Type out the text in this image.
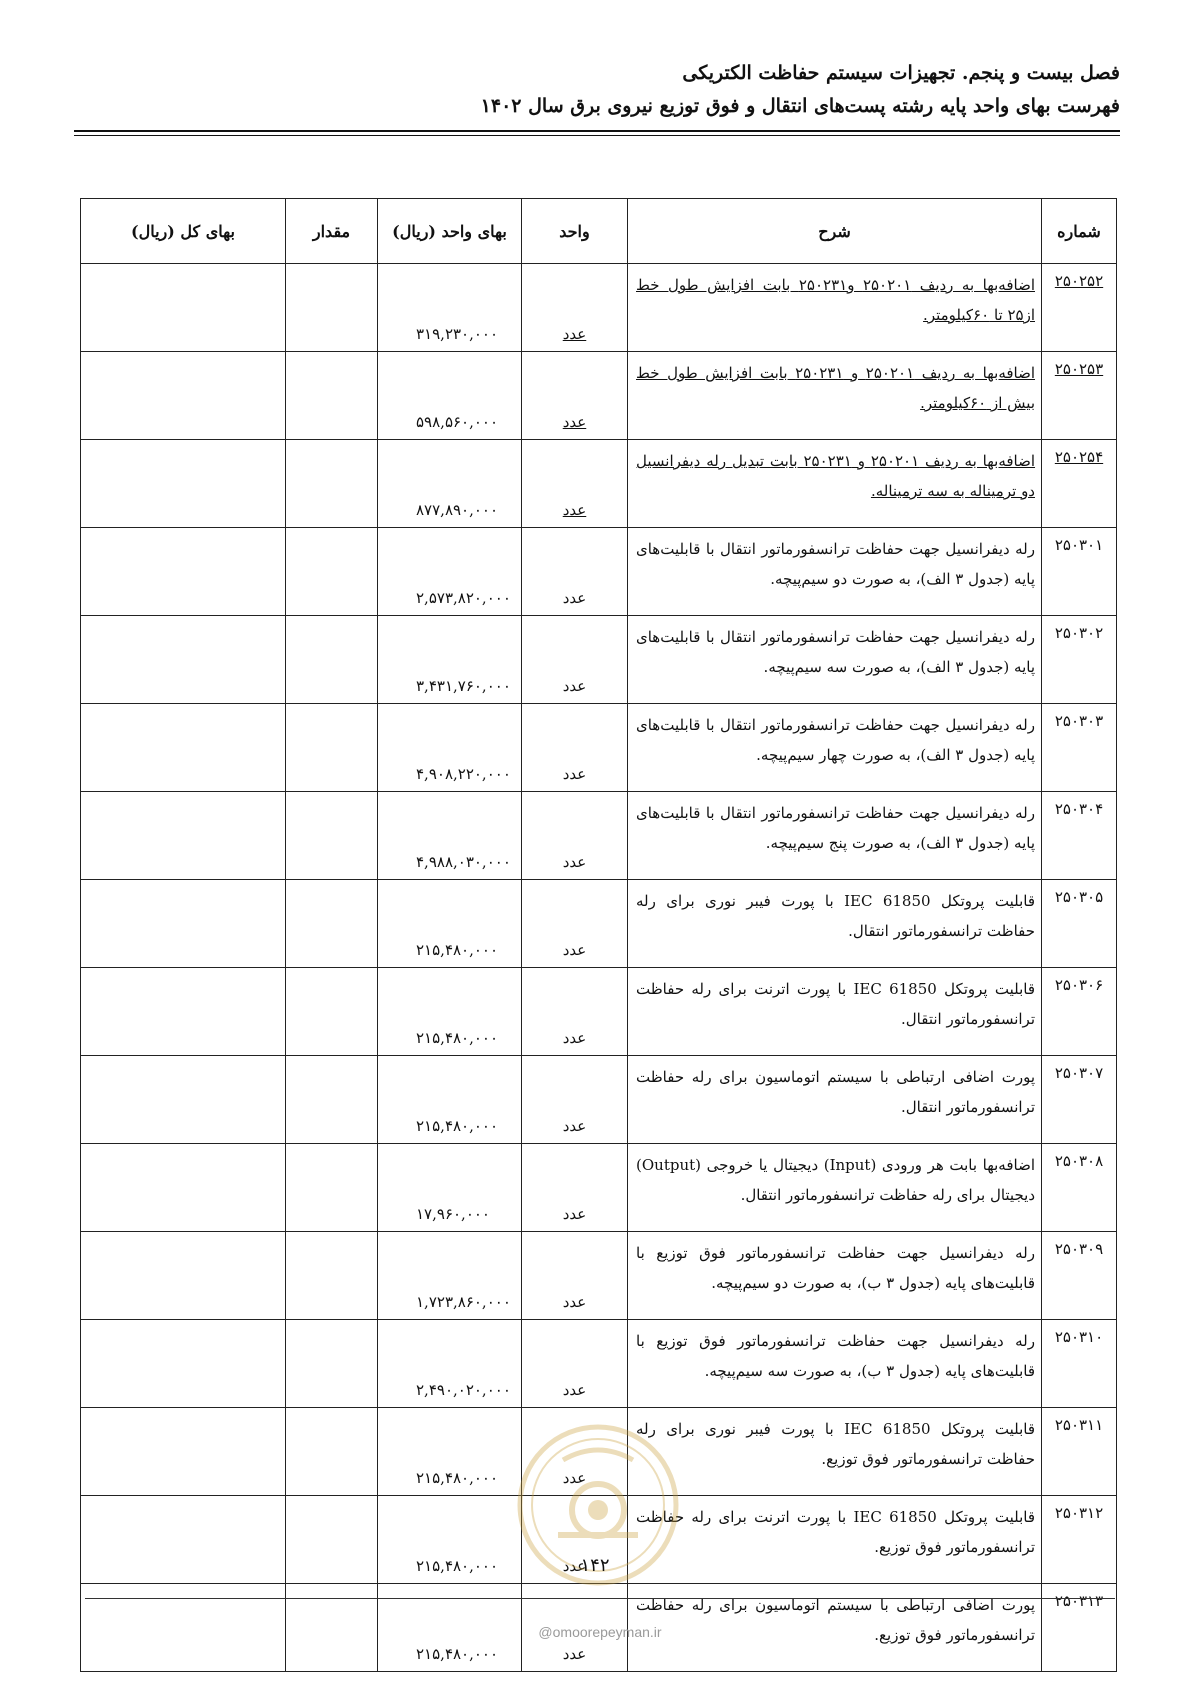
فصل بیست و پنجم. تجهیزات سیستم حفاظت الکتریکی
فهرست بهای واحد پایه رشته پست‌های انتقال و فوق توزیع نیروی برق سال ۱۴۰۲
شماره	شرح	واحد	بهای واحد (ریال)	مقدار	بهای کل (ریال)
۲۵۰۲۵۲	اضافه‌بها به ردیف ۲۵۰۲۰۱ و۲۵۰۲۳۱ بابت افزایش طول خط از۲۵ تا ۶۰کیلومتر.	عدد	۳۱۹,۲۳۰,۰۰۰		
۲۵۰۲۵۳	اضافه‌بها به ردیف ۲۵۰۲۰۱ و ۲۵۰۲۳۱ بابت افزایش طول خط بیش از ۶۰کیلومتر.	عدد	۵۹۸,۵۶۰,۰۰۰		
۲۵۰۲۵۴	اضافه‌بها به ردیف ۲۵۰۲۰۱ و ۲۵۰۲۳۱ بابت تبدیل رله دیفرانسیل دو ترمیناله به سه ترمیناله.	عدد	۸۷۷,۸۹۰,۰۰۰		
۲۵۰۳۰۱	رله دیفرانسیل جهت حفاظت ترانسفورماتور انتقال با قابلیت‌های پایه (جدول ۳ الف)، به صورت دو سیم‌پیچه.	عدد	۲,۵۷۳,۸۲۰,۰۰۰		
۲۵۰۳۰۲	رله دیفرانسیل جهت حفاظت ترانسفورماتور انتقال با قابلیت‌های پایه (جدول ۳ الف)، به صورت سه سیم‌پیچه.	عدد	۳,۴۳۱,۷۶۰,۰۰۰		
۲۵۰۳۰۳	رله دیفرانسیل جهت حفاظت ترانسفورماتور انتقال با قابلیت‌های پایه (جدول ۳ الف)، به صورت چهار سیم‌پیچه.	عدد	۴,۹۰۸,۲۲۰,۰۰۰		
۲۵۰۳۰۴	رله دیفرانسیل جهت حفاظت ترانسفورماتور انتقال با قابلیت‌های پایه (جدول ۳ الف)، به صورت پنج سیم‌پیچه.	عدد	۴,۹۸۸,۰۳۰,۰۰۰		
۲۵۰۳۰۵	قابلیت پروتکل IEC 61850 با پورت فیبر نوری برای رله حفاظت ترانسفورماتور انتقال.	عدد	۲۱۵,۴۸۰,۰۰۰		
۲۵۰۳۰۶	قابلیت پروتکل IEC 61850 با پورت اترنت برای رله حفاظت ترانسفورماتور انتقال.	عدد	۲۱۵,۴۸۰,۰۰۰		
۲۵۰۳۰۷	پورت اضافی ارتباطی با سیستم اتوماسیون برای رله حفاظت ترانسفورماتور انتقال.	عدد	۲۱۵,۴۸۰,۰۰۰		
۲۵۰۳۰۸	اضافه‌بها بابت هر ورودی (Input) دیجیتال یا خروجی (Output) دیجیتال برای رله حفاظت ترانسفورماتور انتقال.	عدد	۱۷,۹۶۰,۰۰۰		
۲۵۰۳۰۹	رله دیفرانسیل جهت حفاظت ترانسفورماتور فوق توزیع با قابلیت‌های پایه (جدول ۳ ب)، به صورت دو سیم‌پیچه.	عدد	۱,۷۲۳,۸۶۰,۰۰۰		
۲۵۰۳۱۰	رله دیفرانسیل جهت حفاظت ترانسفورماتور فوق توزیع با قابلیت‌های پایه (جدول ۳ ب)، به صورت سه سیم‌پیچه.	عدد	۲,۴۹۰,۰۲۰,۰۰۰		
۲۵۰۳۱۱	قابلیت پروتکل IEC 61850 با پورت فیبر نوری برای رله حفاظت ترانسفورماتور فوق توزیع.	عدد	۲۱۵,۴۸۰,۰۰۰		
۲۵۰۳۱۲	قابلیت پروتکل IEC 61850 با پورت اترنت برای رله حفاظت ترانسفورماتور فوق توزیع.	عدد	۲۱۵,۴۸۰,۰۰۰		
۲۵۰۳۱۳	پورت اضافی ارتباطی با سیستم اتوماسیون برای رله حفاظت ترانسفورماتور فوق توزیع.	عدد	۲۱۵,۴۸۰,۰۰۰		
۱۴۲
@omoorepeyman.ir
